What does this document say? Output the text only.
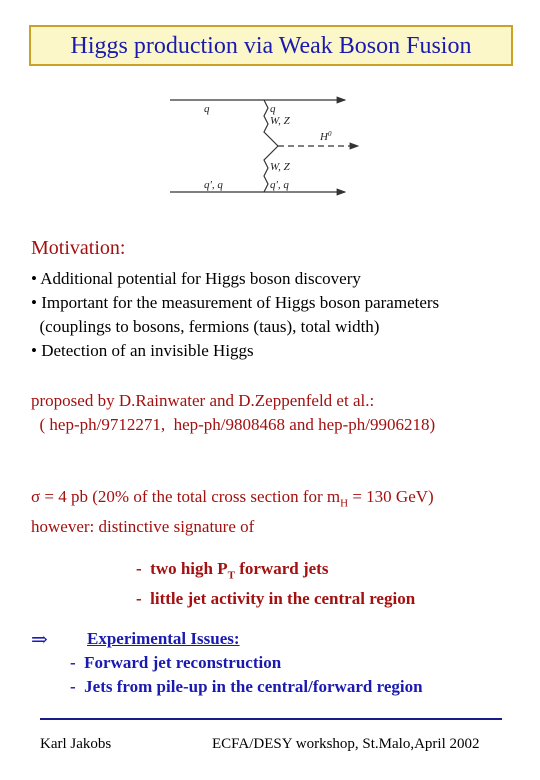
Higgs production via Weak Boson Fusion
q	q
W, Z
$H^0$
W, Z
q', q	q', q
Motivation:
• Additional potential for Higgs boson discovery
• Important for the measurement of Higgs boson parameters
(couplings to bosons, fermions (taus), total width)
• Detection of an invisible Higgs
proposed by D.Rainwater and D.Zeppenfeld et al.:
( hep-ph/9712271,  hep-ph/9808468 and hep-ph/9906218)
σ = 4 pb (20% of the total cross section for $m_H = 130$ GeV)
however: distinctive signature of
-  two high $P_T$ forward jets
-  little jet activity in the central region
⇒ Experimental Issues:
-  Forward jet reconstruction
-  Jets from pile-up in the central/forward region
Karl Jakobs	ECFA/DESY workshop, St.Malo,April 2002
